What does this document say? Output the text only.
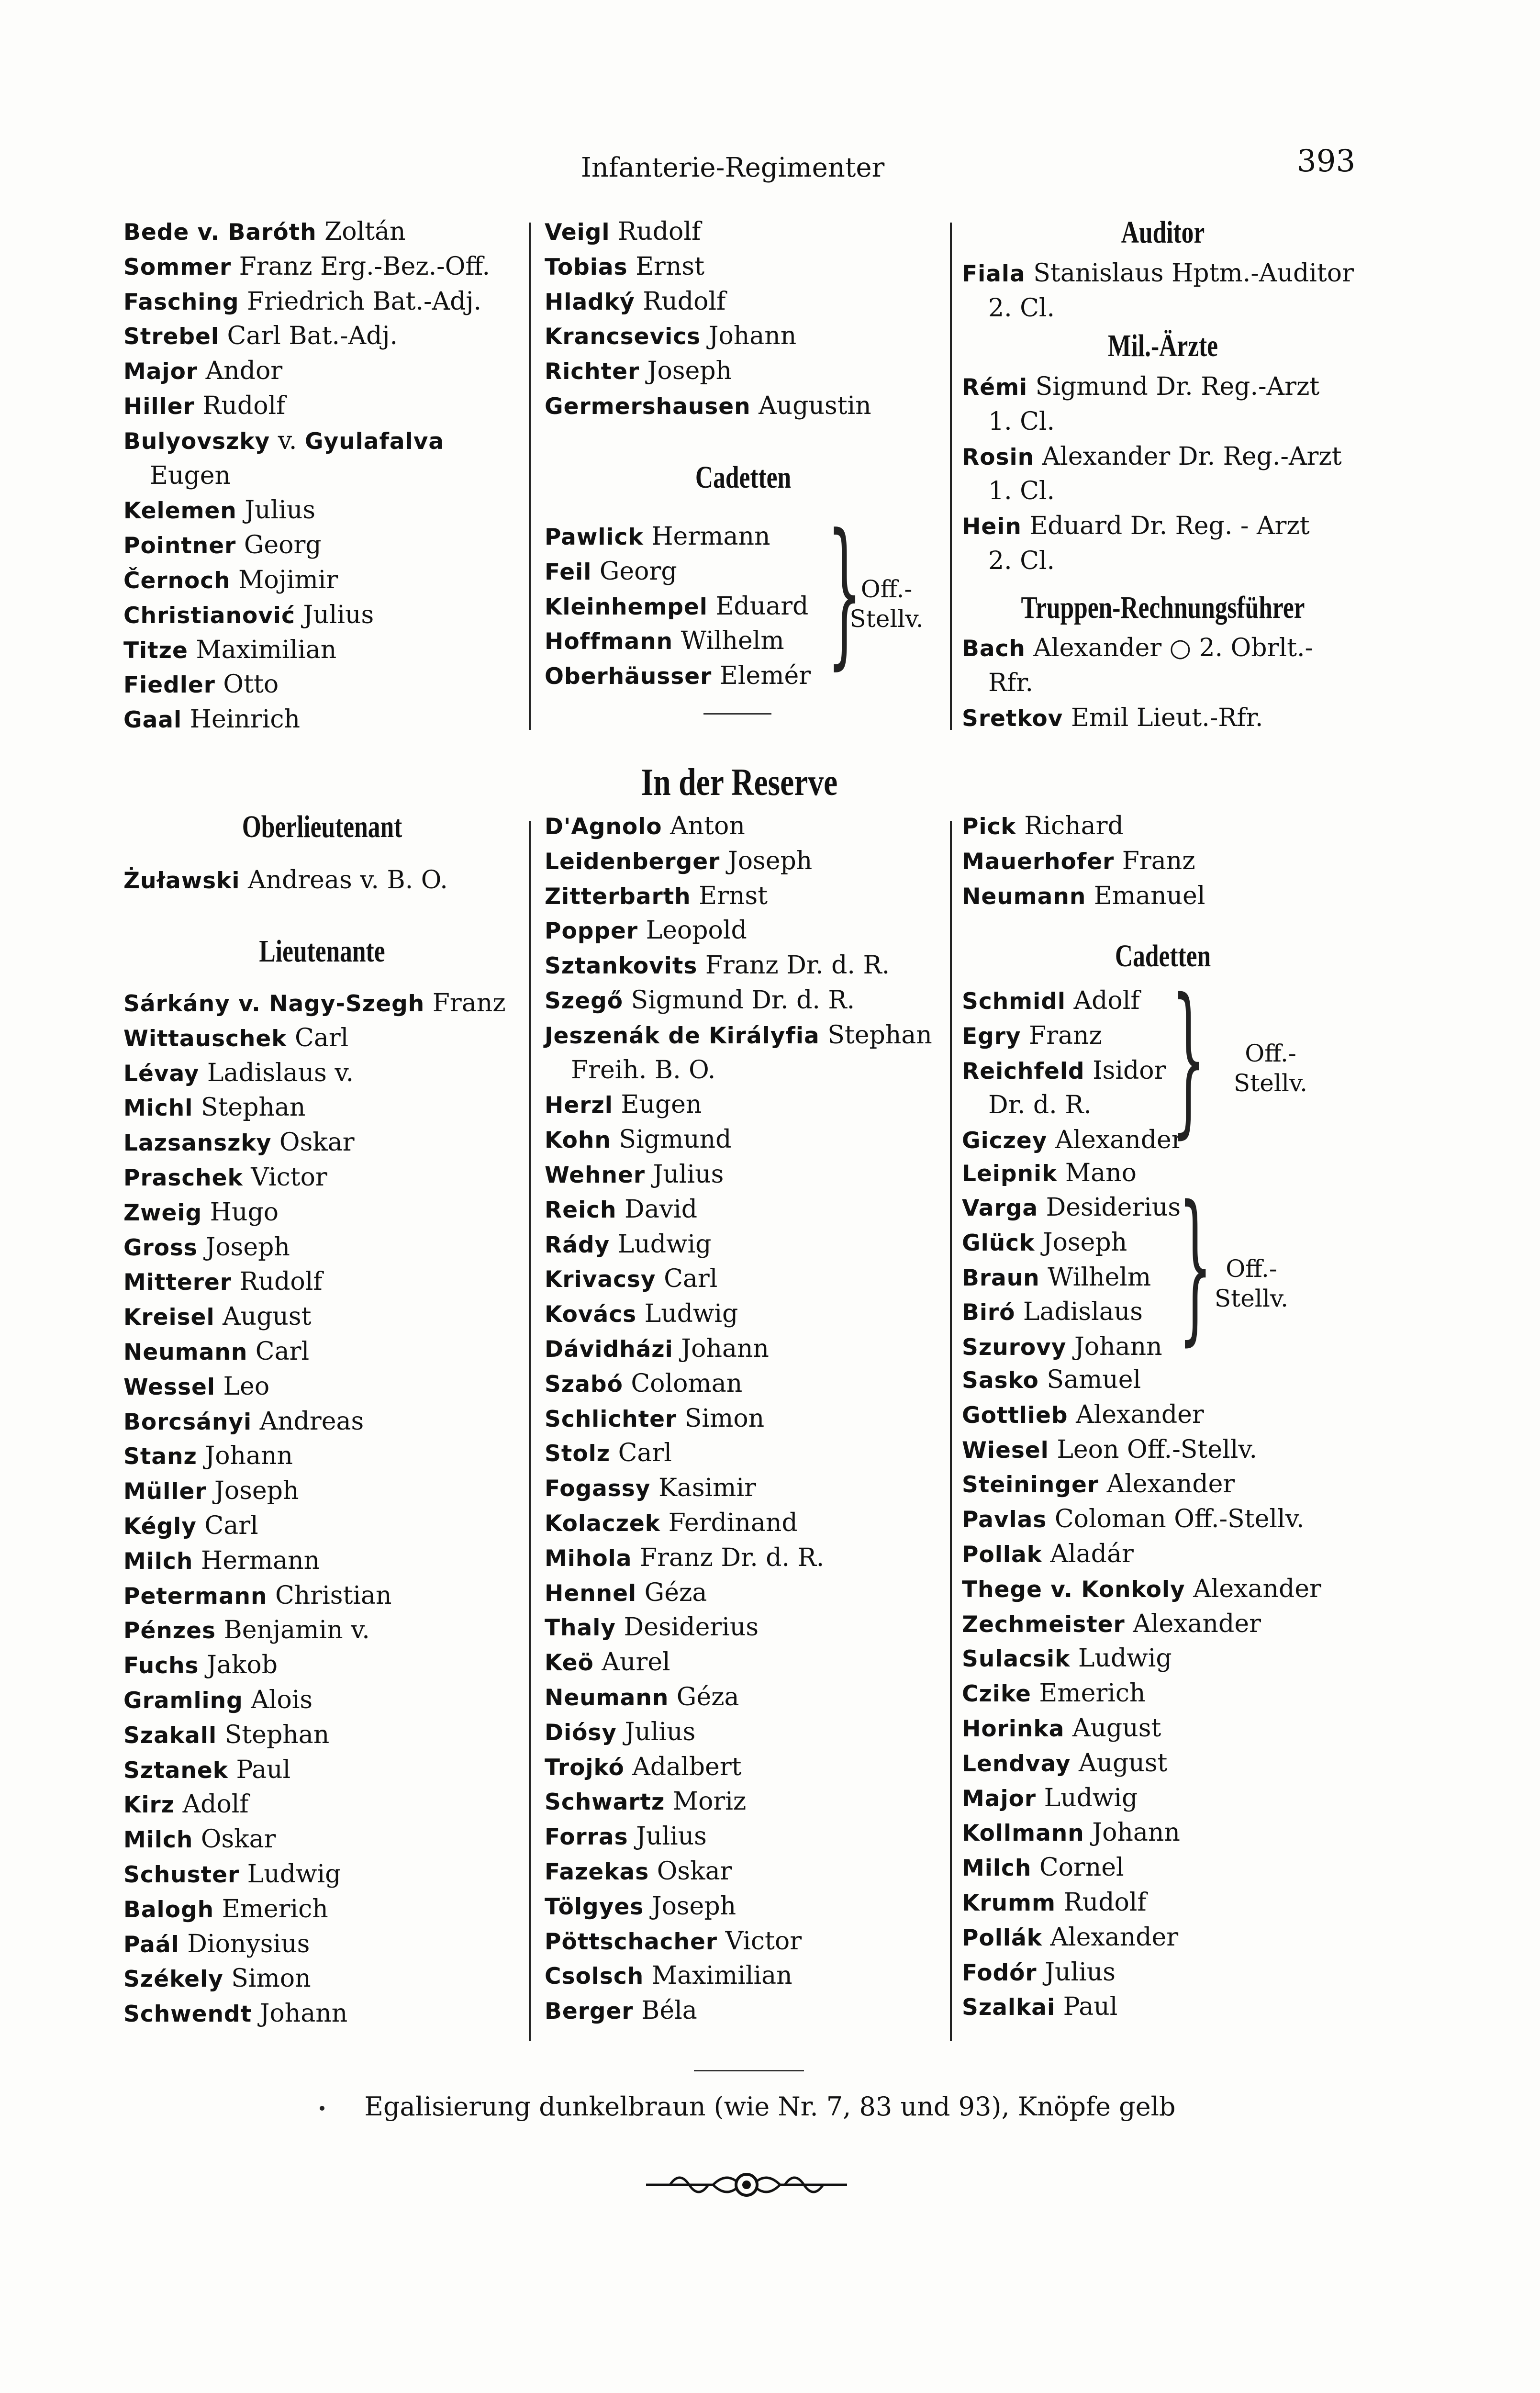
Infanterie-Regimenter	393
Bede v. Baróth Zoltán
Sommer Franz Erg.-Bez.-Off.
Fasching Friedrich Bat.-Adj.
Strebel Carl Bat.-Adj.
Major Andor
Hiller Rudolf
Bulyovszky v. Gyulafalva
Eugen
Kelemen Julius
Pointner Georg
Černoch Mojimir
Christianović Julius
Titze Maximilian
Fiedler Otto
Gaal Heinrich
Veigl Rudolf
Tobias Ernst
Hladký Rudolf
Krancsevics Johann
Richter Joseph
Germershausen Augustin
Cadetten
Pawlick Hermann
Feil Georg
Kleinhempel Eduard
Hoffmann Wilhelm
Oberhäusser Elemér }
Off.-
Stellv.
Auditor
Fiala Stanislaus Hptm.-Auditor
2. Cl.
Mil.-Ärzte
Rémi Sigmund Dr. Reg.-Arzt
1. Cl.
Rosin Alexander Dr. Reg.-Arzt
1. Cl.
Hein Eduard Dr. Reg. - Arzt
2. Cl.
Truppen-Rechnungsführer
Bach Alexander ○ 2. Obrlt.-
Rfr.
Sretkov Emil Lieut.-Rfr.
In der Reserve
Oberlieutenant
Żuławski Andreas v. B. O.
Lieutenante
Sárkány v. Nagy-Szegh Franz
Wittauschek Carl
Lévay Ladislaus v.
Michl Stephan
Lazsanszky Oskar
Praschek Victor
Zweig Hugo
Gross Joseph
Mitterer Rudolf
Kreisel August
Neumann Carl
Wessel Leo
Borcsányi Andreas
Stanz Johann
Müller Joseph
Kégly Carl
Milch Hermann
Petermann Christian
Pénzes Benjamin v.
Fuchs Jakob
Gramling Alois
Szakall Stephan
Sztanek Paul
Kirz Adolf
Milch Oskar
Schuster Ludwig
Balogh Emerich
Paál Dionysius
Székely Simon
Schwendt Johann
D'Agnolo Anton
Leidenberger Joseph
Zitterbarth Ernst
Popper Leopold
Sztankovits Franz Dr. d. R.
Szegő Sigmund Dr. d. R.
Jeszenák de Királyfia Stephan
Freih. B. O.
Herzl Eugen
Kohn Sigmund
Wehner Julius
Reich David
Rády Ludwig
Krivacsy Carl
Kovács Ludwig
Dávidházi Johann
Szabó Coloman
Schlichter Simon
Stolz Carl
Fogassy Kasimir
Kolaczek Ferdinand
Mihola Franz Dr. d. R.
Hennel Géza
Thaly Desiderius
Keö Aurel
Neumann Géza
Diósy Julius
Trojkó Adalbert
Schwartz Moriz
Forras Julius
Fazekas Oskar
Tölgyes Joseph
Pöttschacher Victor
Csolsch Maximilian
Berger Béla
Pick Richard
Mauerhofer Franz
Neumann Emanuel
Cadetten
Schmidl Adolf
Egry Franz
Reichfeld Isidor
Dr. d. R.
Giczey Alexander
}	Off.-
Stellv.
Leipnik Mano
Varga Desiderius
Glück Joseph
Braun Wilhelm
Biró Ladislaus
Szurovy Johann } Off.-
Stellv.
Sasko Samuel
Gottlieb Alexander
Wiesel Leon Off.-Stellv.
Steininger Alexander
Pavlas Coloman Off.-Stellv.
Pollak Aladár
Thege v. Konkoly Alexander
Zechmeister Alexander
Sulacsik Ludwig
Czike Emerich
Horinka August
Lendvay August
Major Ludwig
Kollmann Johann
Milch Cornel
Krumm Rudolf
Pollák Alexander
Fodór Julius
Szalkai Paul
Egalisierung dunkelbraun (wie Nr. 7, 83 und 93), Knöpfe gelb
